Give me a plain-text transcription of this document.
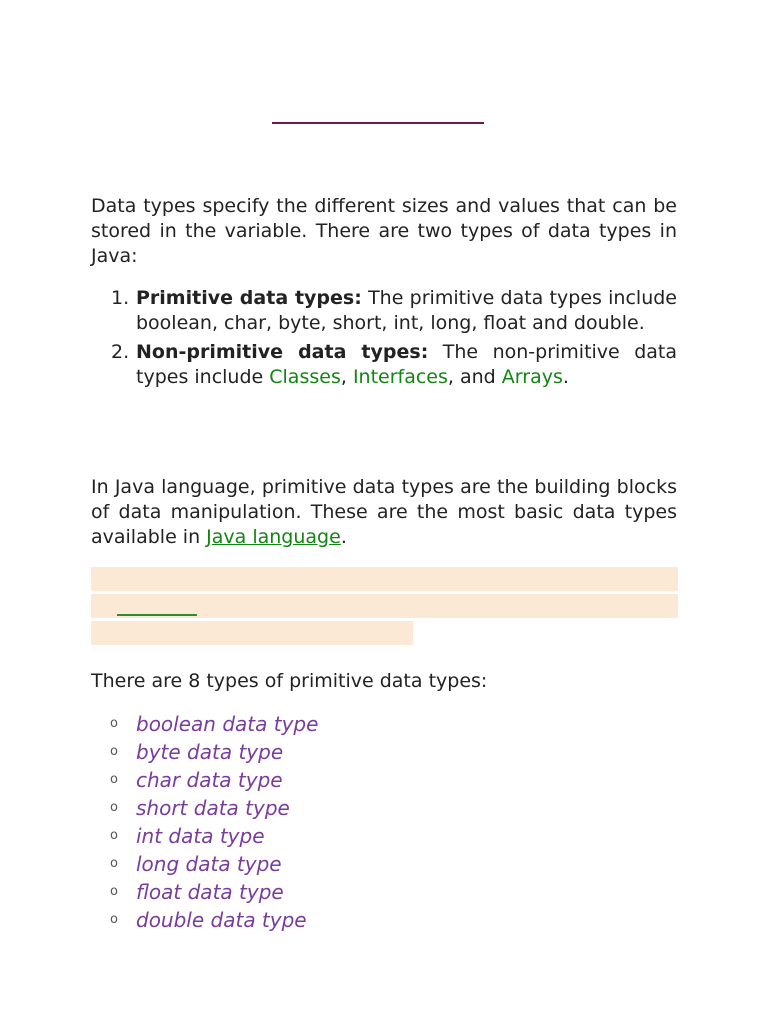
Data types specify the different sizes and values that can be stored in the variable. There are two types of data types in Java:

1. Primitive data types: The primitive data types include boolean, char, byte, short, int, long, float and double.
2. Non-primitive data types: The non-primitive data types include Classes, Interfaces, and Arrays.

In Java language, primitive data types are the building blocks of data manipulation. These are the most basic data types available in Java language.

There are 8 types of primitive data types:

o boolean data type
o byte data type
o char data type
o short data type
o int data type
o long data type
o float data type
o double data type
